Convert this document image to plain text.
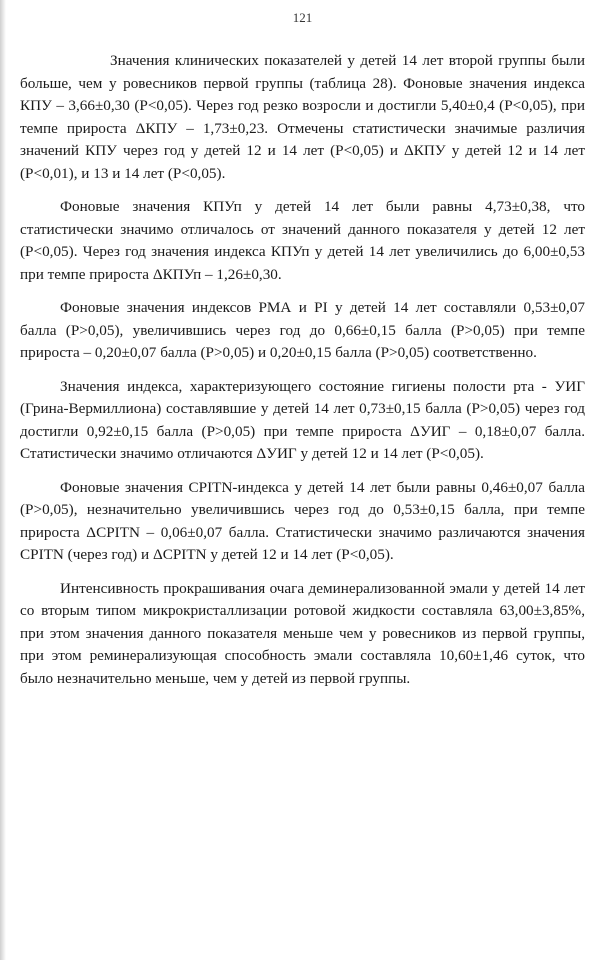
121

Значения клинических показателей у детей 14 лет второй группы были больше, чем у ровесников первой группы (таблица 28). Фоновые значения индекса КПУ – 3,66±0,30 (P<0,05). Через год резко возросли и достигли 5,40±0,4 (P<0,05), при темпе прироста ΔКПУ – 1,73±0,23. Отмечены статистически значимые различия значений КПУ через год у детей 12 и 14 лет (P<0,05) и ΔКПУ у детей 12 и 14 лет (P<0,01), и 13 и 14 лет (P<0,05).

Фоновые значения КПУп у детей 14 лет были равны 4,73±0,38, что статистически значимо отличалось от значений данного показателя у детей 12 лет (P<0,05). Через год значения индекса КПУп у детей 14 лет увеличились до 6,00±0,53 при темпе прироста ΔКПУп – 1,26±0,30.

Фоновые значения индексов РМА и PI у детей 14 лет составляли 0,53±0,07 балла (P>0,05), увеличившись через год до 0,66±0,15 балла (P>0,05) при темпе прироста – 0,20±0,07 балла (P>0,05) и 0,20±0,15 балла (P>0,05) соответственно.

Значения индекса, характеризующего состояние гигиены полости рта - УИГ (Грина-Вермиллиона) составлявшие у детей 14 лет 0,73±0,15 балла (P>0,05) через год достигли 0,92±0,15 балла (P>0,05) при темпе прироста ΔУИГ – 0,18±0,07 балла. Статистически значимо отличаются ΔУИГ у детей 12 и 14 лет (P<0,05).

Фоновые значения CPITN-индекса у детей 14 лет были равны 0,46±0,07 балла (P>0,05), незначительно увеличившись через год до 0,53±0,15 балла, при темпе прироста ΔCPITN – 0,06±0,07 балла. Статистически значимо различаются значения CPITN (через год) и ΔCPITN у детей 12 и 14 лет (P<0,05).

Интенсивность прокрашивания очага деминерализованной эмали у детей 14 лет со вторым типом микрокристаллизации ротовой жидкости составляла 63,00±3,85%, при этом значения данного показателя меньше чем у ровесников из первой группы, при этом реминерализующая способность эмали составляла 10,60±1,46 суток, что было незначительно меньше, чем у детей из первой группы.
